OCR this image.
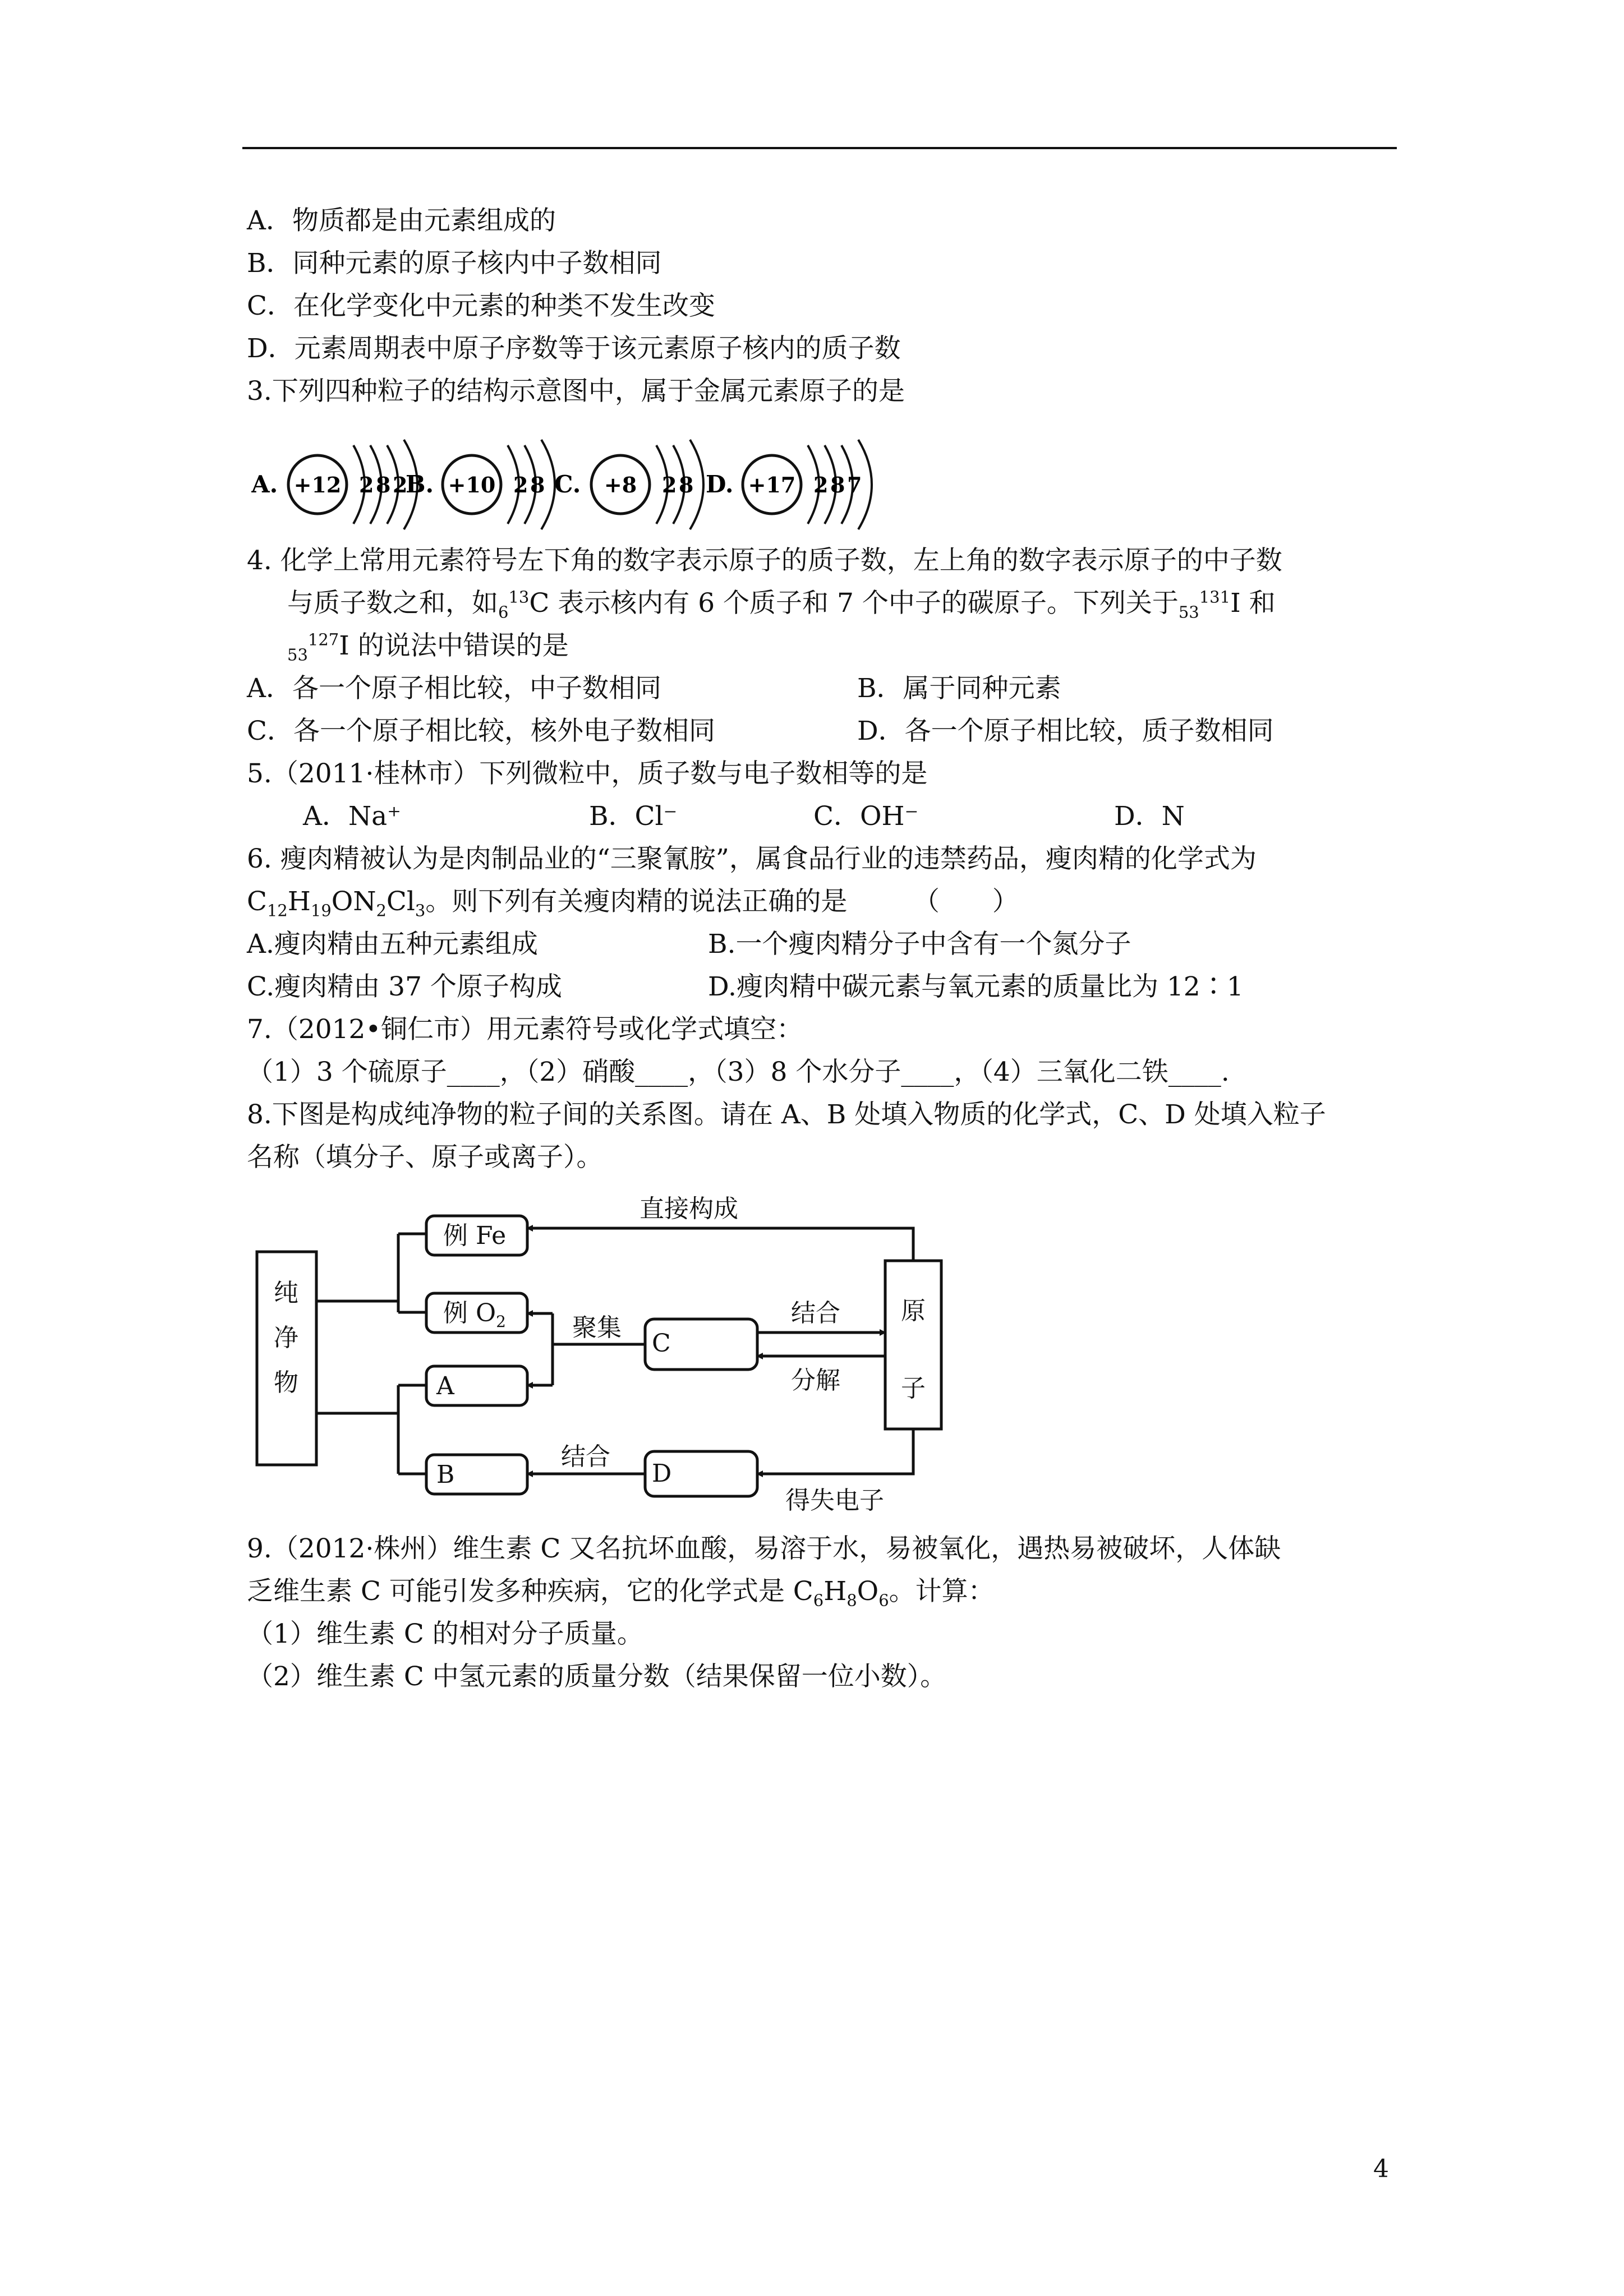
A．物质都是由元素组成的
B．同种元素的原子核内中子数相同
C．在化学变化中元素的种类不发生改变
D．元素周期表中原子序数等于该元素原子核内的质子数
3.下列四种粒子的结构示意图中，属于金属元素原子的是
A. +12 2 8 2
B. +10 2 8 C. +8 2 8 D. +17 2 8 7
4. 化学上常用元素符号左下角的数字表示原子的质子数，左上角的数字表示原子的中子数
与质子数之和，如$_6^{13}$C 表示核内有 6 个质子和 7 个中子的碳原子。下列关于$_{53}^{131}$I 和
$_{53}^{127}$I 的说法中错误的是
A．各一个原子相比较，中子数相同	B．属于同种元素
C．各一个原子相比较，核外电子数相同	D．各一个原子相比较，质子数相同
5.（2011·桂林市）下列微粒中，质子数与电子数相等的是
A．Na⁺	B．Cl⁻	C．OH⁻	D．N
6. 瘦肉精被认为是肉制品业的“三聚氰胺”，属食品行业的违禁药品，瘦肉精的化学式为
$C_{12}H_{19}ON_2Cl_3$。则下列有关瘦肉精的说法正确的是　　　（　　）
A.瘦肉精由五种元素组成	B.一个瘦肉精分子中含有一个氮分子
C.瘦肉精由 37 个原子构成	D.瘦肉精中碳元素与氧元素的质量比为 12∶1
7.（2012•铜仁市）用元素符号或化学式填空：
（1）3 个硫原子____，（2）硝酸____，（3）8 个水分子____，（4）三氧化二铁____.
8.下图是构成纯净物的粒子间的关系图。请在 A、B 处填入物质的化学式，C、D 处填入粒子
名称（填分子、原子或离子）。
纯
净
物
例 Fe
例 $O_2$
A
B
C
D
原
子
直接构成
聚集
结合
分解
结合
得失电子
9.（2012·株州）维生素 C 又名抗坏血酸，易溶于水，易被氧化，遇热易被破坏，人体缺
乏维生素 C 可能引发多种疾病，它的化学式是 $C_6H_8O_6$。计算：
（1）维生素 C 的相对分子质量。
（2）维生素 C 中氢元素的质量分数（结果保留一位小数）。
4
